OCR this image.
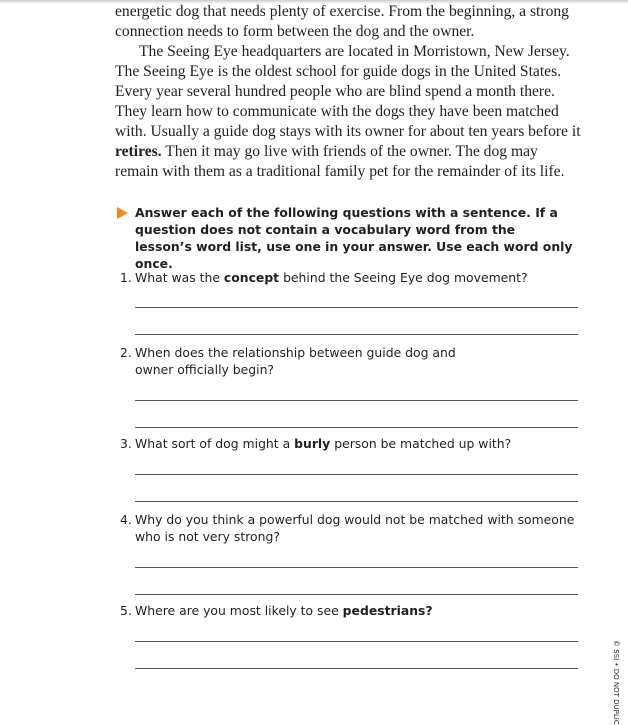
energetic dog that needs plenty of exercise. From the beginning, a strong connection needs to form between the dog and the owner.

The Seeing Eye headquarters are located in Morristown, New Jersey. The Seeing Eye is the oldest school for guide dogs in the United States. Every year several hundred people who are blind spend a month there. They learn how to communicate with the dogs they have been matched with. Usually a guide dog stays with its owner for about ten years before it retires. Then it may go live with friends of the owner. The dog may remain with them as a traditional family pet for the remainder of its life.

Answer each of the following questions with a sentence. If a question does not contain a vocabulary word from the lesson’s word list, use one in your answer. Use each word only once.
1. What was the concept behind the Seeing Eye dog movement?
2. When does the relationship between guide dog and owner officially begin?
3. What sort of dog might a burly person be matched up with?
4. Why do you think a powerful dog would not be matched with someone who is not very strong?
5. Where are you most likely to see pedestrians?
© SSI • DO NOT DUPLIC
